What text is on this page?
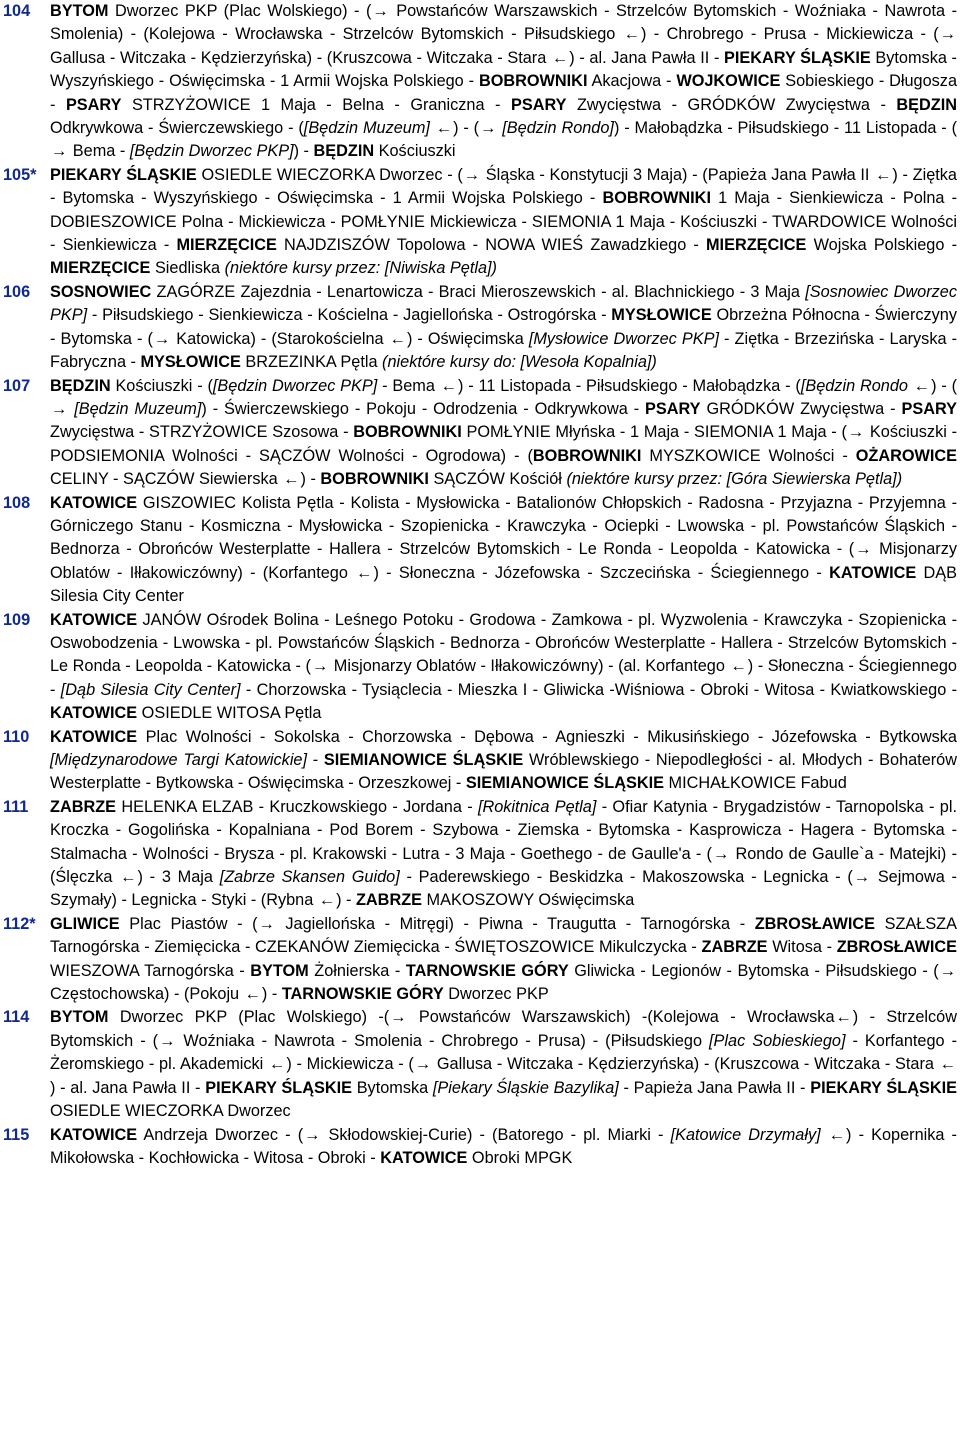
104 BYTOM Dworzec PKP (Plac Wolskiego) - (→ Powstańców Warszawskich - Strzelców Bytomskich - Woźniaka - Nawrota - Smolenia) - (Kolejowa - Wrocławska - Strzelców Bytomskich - Piłsudskiego ←) - Chrobrego - Prusa - Mickiewicza - (→ Gallusa - Witczaka - Kędzierzyńska) - (Kruszcowa - Witczaka - Stara ←) - al. Jana Pawła II - PIEKARY ŚLĄSKIE Bytomska - Wyszyńskiego - Oświęcimska - 1 Armii Wojska Polskiego - BOBROWNIKI Akacjowa - WOJKOWICE Sobieskiego - Długosza - PSARY STRZYŻOWICE 1 Maja - Belna - Graniczna - PSARY Zwycięstwa - GRÓDKÓW Zwycięstwa - BĘDZIN Odkrywkowa - Świerczewskiego - ([Będzin Muzeum] ←) - (→ [Będzin Rondo]) - Małobądzka - Piłsudskiego - 11 Listopada - (→ Bema - [Będzin Dworzec PKP]) - BĘDZIN Kościuszki
105* PIEKARY ŚLĄSKIE OSIEDLE WIECZORKA Dworzec - (→ Śląska - Konstytucji 3 Maja) - (Papieża Jana Pawła II ←) - Ziętka - Bytomska - Wyszyńskiego - Oświęcimska - 1 Armii Wojska Polskiego - BOBROWNIKI 1 Maja - Sienkiewicza - Polna - DOBIESZOWICE Polna - Mickiewicza - POMŁYNIE Mickiewicza - SIEMONIA 1 Maja - Kościuszki - TWARDOWICE Wolności - Sienkiewicza - MIERZĘCICE NAJDZISZÓW Topolowa - NOWA WIEŚ Zawadzkiego - MIERZĘCICE Wojska Polskiego - MIERZĘCICE Siedliska (niektóre kursy przez: [Niwiska Pętla])
106 SOSNOWIEC ZAGÓRZE Zajezdnia - Lenartowicza - Braci Mieroszewskich - al. Blachnickiego - 3 Maja [Sosnowiec Dworzec PKP] - Piłsudskiego - Sienkiewicza - Kościelna - Jagiellońska - Ostrogórska - MYSŁOWICE Obrzeżna Północna - Świerczyny - Bytomska - (→ Katowicka) - (Starokościelna ←) - Oświęcimska [Mysłowice Dworzec PKP] - Ziętka - Brzezińska - Laryska - Fabryczna - MYSŁOWICE BRZEZINKA Pętla (niektóre kursy do: [Wesoła Kopalnia])
107 BĘDZIN Kościuszki - ([Będzin Dworzec PKP] - Bema ←) - 11 Listopada - Piłsudskiego - Małobądzka - ([Będzin Rondo ←) - (→ [Będzin Muzeum]) - Świerczewskiego - Pokoju - Odrodzenia - Odkrywkowa - PSARY GRÓDKÓW Zwycięstwa - PSARY Zwycięstwa - STRZYŻOWICE Szosowa - BOBROWNIKI POMŁYNIE Młyńska - 1 Maja - SIEMONIA 1 Maja - (→ Kościuszki - PODSIEMONIA Wolności - SĄCZÓW Wolności - Ogrodowa) - (BOBROWNIKI MYSZKOWICE Wolności - OŻAROWICE CELINY - SĄCZÓW Siewierska ←) - BOBROWNIKI SĄCZÓW Kościół (niektóre kursy przez: [Góra Siewierska Pętla])
108 KATOWICE GISZOWIEC Kolista Pętla - Kolista - Mysłowicka - Batalionów Chłopskich - Radosna - Przyjazna - Przyjemna - Górniczego Stanu - Kosmiczna - Mysłowicka - Szopienicka - Krawczyka - Ociepki - Lwowska - pl. Powstańców Śląskich - Bednorza - Obrońców Westerplatte - Hallera - Strzelców Bytomskich - Le Ronda - Leopolda - Katowicka - (→ Misjonarzy Oblatów - Iłłakowiczówny) - (Korfantego ←) - Słoneczna - Józefowska - Szczecińska - Ściegiennego - KATOWICE DĄB Silesia City Center
109 KATOWICE JANÓW Ośrodek Bolina - Leśnego Potoku - Grodowa - Zamkowa - pl. Wyzwolenia - Krawczyka - Szopienicka - Oswobodzenia - Lwowska - pl. Powstańców Śląskich - Bednorza - Obrońców Westerplatte - Hallera - Strzelców Bytomskich - Le Ronda - Leopolda - Katowicka - (→ Misjonarzy Oblatów - Iłłakowiczówny) - (al. Korfantego ←) - Słoneczna - Ściegiennego - [Dąb Silesia City Center] - Chorzowska - Tysiąclecia - Mieszka I - Gliwicka -Wiśniowa - Obroki - Witosa - Kwiatkowskiego - KATOWICE OSIEDLE WITOSA Pętla
110 KATOWICE Plac Wolności - Sokolska - Chorzowska - Dębowa - Agnieszki - Mikusińskiego - Józefowska - Bytkowska [Międzynarodowe Targi Katowickie] - SIEMIANOWICE ŚLĄSKIE Wróblewskiego - Niepodległości - al. Młodych - Bohaterów Westerplatte - Bytkowska - Oświęcimska - Orzeszkowej - SIEMIANOWICE ŚLĄSKIE MICHAŁKOWICE Fabud
111 ZABRZE HELENKA ELZAB - Kruczkowskiego - Jordana - [Rokitnica Pętla] - Ofiar Katynia - Brygadzistów - Tarnopolska - pl. Kroczka - Gogolińska - Kopalniana - Pod Borem - Szybowa - Ziemska - Bytomska - Kasprowicza - Hagera - Bytomska - Stalmacha - Wolności - Brysza - pl. Krakowski - Lutra - 3 Maja - Goethego - de Gaulle'a - (→ Rondo de Gaulle`a - Matejki) - (Ślęczka ←) - 3 Maja [Zabrze Skansen Guido] - Paderewskiego - Beskidzka - Makoszowska - Legnicka - (→ Sejmowa - Szymały) - Legnicka - Styki - (Rybna ←) - ZABRZE MAKOSZOWY Oświęcimska
112* GLIWICE Plac Piastów - (→ Jagiellońska - Mitręgi) - Piwna - Traugutta - Tarnogórska - ZBROSŁAWICE SZAŁSZA Tarnogórska - Ziemięcicka - CZEKANÓW Ziemięcicka - ŚWIĘTOSZOWICE Mikulczycka - ZABRZE Witosa - ZBROSŁAWICE WIESZOWA Tarnogórska - BYTOM Żołnierska - TARNOWSKIE GÓRY Gliwicka - Legionów - Bytomska - Piłsudskiego - (→ Częstochowska) - (Pokoju ←) - TARNOWSKIE GÓRY Dworzec PKP
114 BYTOM Dworzec PKP (Plac Wolskiego) -(→ Powstańców Warszawskich) -(Kolejowa - Wrocławska←) - Strzelców Bytomskich - (→ Woźniaka - Nawrota - Smolenia - Chrobrego - Prusa) - (Piłsudskiego [Plac Sobieskiego] - Korfantego - Żeromskiego - pl. Akademicki ←) - Mickiewicza - (→ Gallusa - Witczaka - Kędzierzyńska) - (Kruszcowa - Witczaka - Stara ←) - al. Jana Pawła II - PIEKARY ŚLĄSKIE Bytomska [Piekary Śląskie Bazylika] - Papieża Jana Pawła II - PIEKARY ŚLĄSKIE OSIEDLE WIECZORKA Dworzec
115 KATOWICE Andrzeja Dworzec - (→ Skłodowskiej-Curie) - (Batorego - pl. Miarki - [Katowice Drzymały] ←) - Kopernika - Mikołowska - Kochłowicka - Witosa - Obroki - KATOWICE Obroki MPGK
